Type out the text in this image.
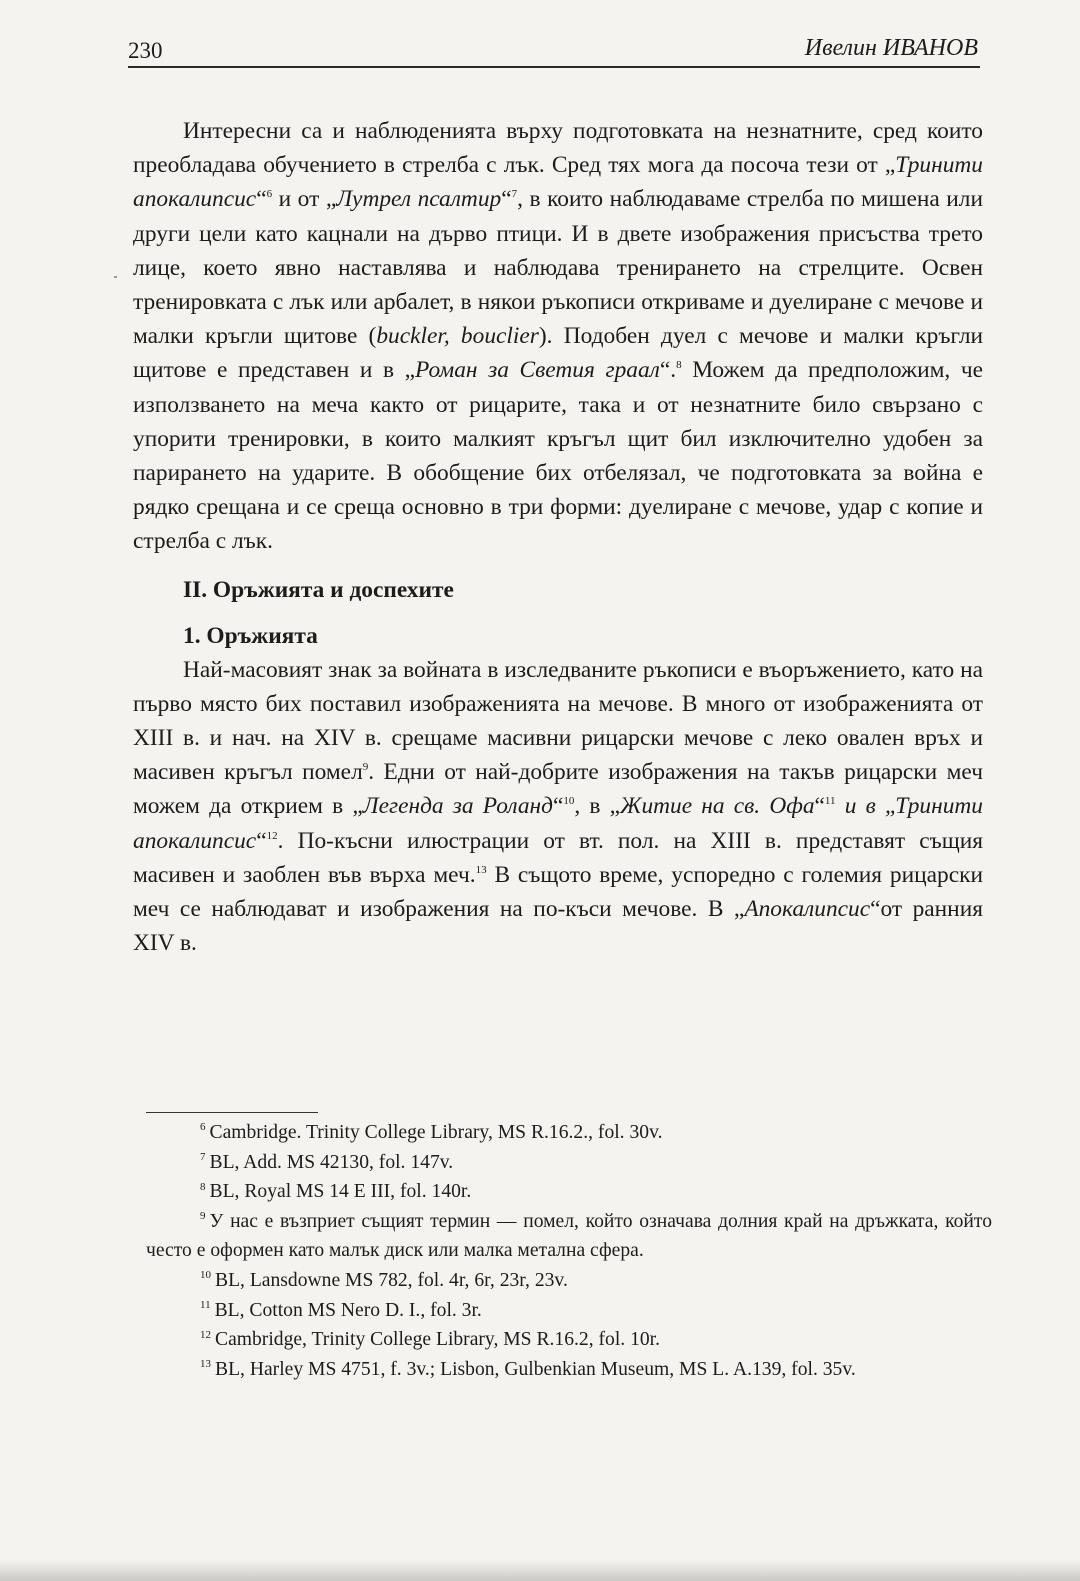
230	Ивелин ИВАНОВ

Интересни са и наблюденията върху подготовката на незнатните, сред които преобладава обучението в стрелба с лък. Сред тях мога да посоча тези от „Тринити апокалипсис“$^6$ и от „Лутрел псалтир“$^7$, в които наблюдаваме стрелба по мишена или други цели като кацнали на дърво птици. И в двете изображения присъства трето лице, което явно наставлява и наблюдава тренирането на стрелците. Освен тренировката с лък или арбалет, в някои ръкописи откриваме и дуелиране с мечове и малки кръгли щитове (buckler, bouclier). Подобен дуел с мечове и малки кръгли щитове е представен и в „Роман за Светия граал“.$^8$ Можем да предположим, че използването на меча както от рицарите, така и от незнатните било свързано с упорити тренировки, в които малкият кръгъл щит бил изключително удобен за парирането на ударите. В обобщение бих отбелязал, че подготовката за война е рядко срещана и се среща основно в три форми: дуелиране с мечове, удар с копие и стрелба с лък.

II. Оръжията и доспехите
1. Оръжията

Най-масовият знак за войната в изследваните ръкописи е въоръжението, като на първо място бих поставил изображенията на мечове. В много от изображенията от XIII в. и нач. на XIV в. срещаме масивни рицарски мечове с леко овален връх и масивен кръгъл помел$^9$. Едни от най-добрите изображения на такъв рицарски меч можем да открием в „Легенда за Роланд“$^{10}$, в „Житие на св. Офа“$^{11}$ и в „Тринити апокалипсис“$^{12}$. По-късни илюстрации от вт. пол. на XIII в. представят същия масивен и заоблен във върха меч.$^{13}$ В същото време, успоредно с големия рицарски меч се наблюдават и изображения на по-къси мечове. В „Апокалипсис“от ранния XIV в.

$^6$ Cambridge. Trinity College Library, MS R.16.2., fol. 30v.

$^7$ BL, Add. MS 42130, fol. 147v.

$^8$ BL, Royal MS 14 E III, fol. 140r.

$^9$ У нас е възприет същият термин — помел, който означава долния край на дръжката, който често е оформен като малък диск или малка метална сфера.

$^{10}$ BL, Lansdowne MS 782, fol. 4r, 6r, 23r, 23v.

$^{11}$ BL, Cotton MS Nero D. I., fol. 3r.

$^{12}$ Cambridge, Trinity College Library, MS R.16.2, fol. 10r.

$^{13}$ BL, Harley MS 4751, f. 3v.; Lisbon, Gulbenkian Museum, MS L. A.139, fol. 35v.
